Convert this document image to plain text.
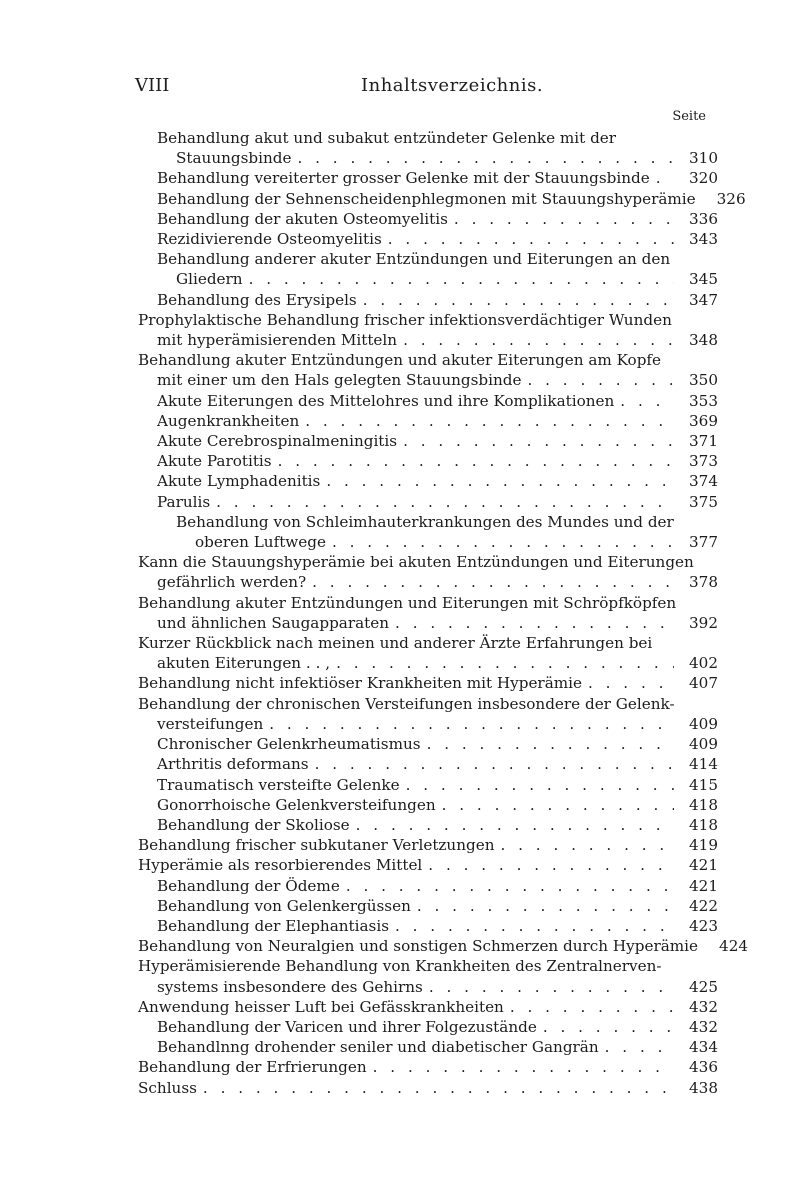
VIII	Inhaltsverzeichnis.
Seite
Behandlung akut und subakut entzündeter Gelenke mit der
Stauungsbinde . . .	310
Behandlung vereiterter grosser Gelenke mit der Stauungsbinde . . .	320
Behandlung der Sehnenscheidenphlegmonen mit Stauungshyperämie . . .	326
Behandlung der akuten Osteomyelitis . . .	336
Rezidivierende Osteomyelitis . . .	343
Behandlung anderer akuter Entzündungen und Eiterungen an den
Gliedern . . .	345
Behandlung des Erysipels . . .	347
Prophylaktische Behandlung frischer infektionsverdächtiger Wunden
mit hyperämisierenden Mitteln . . .	348
Behandlung akuter Entzündungen und akuter Eiterungen am Kopfe
mit einer um den Hals gelegten Stauungsbinde . . .	350
Akute Eiterungen des Mittelohres und ihre Komplikationen . . .	353
Augenkrankheiten . . .	369
Akute Cerebrospinalmeningitis . . .	371
Akute Parotitis . . .	373
Akute Lymphadenitis . . .	374
Parulis . . .	375
Behandlung von Schleimhauterkrankungen des Mundes und der
oberen Luftwege . . .	377
Kann die Stauungshyperämie bei akuten Entzündungen und Eiterungen
gefährlich werden? . . .	378
Behandlung akuter Entzündungen und Eiterungen mit Schröpfköpfen
und ähnlichen Saugapparaten . . .	392
Kurzer Rückblick nach meinen und anderer Ärzte Erfahrungen bei
akuten Eiterungen . . , . . .	402
Behandlung nicht infektiöser Krankheiten mit Hyperämie . . .	407
Behandlung der chronischen Versteifungen insbesondere der Gelenk-
versteifungen . . .	409
Chronischer Gelenkrheumatismus . . .	409
Arthritis deformans . . .	414
Traumatisch versteifte Gelenke . . .	415
Gonorrhoische Gelenkversteifungen . . .	418
Behandlung der Skoliose . . .	418
Behandlung frischer subkutaner Verletzungen . . .	419
Hyperämie als resorbierendes Mittel . . .	421
Behandlung der Ödeme . . .	421
Behandlung von Gelenkergüssen . . .	422
Behandlung der Elephantiasis . . .	423
Behandlung von Neuralgien und sonstigen Schmerzen durch Hyperämie	424
Hyperämisierende Behandlung von Krankheiten des Zentralnerven-
systems insbesondere des Gehirns . . .	425
Anwendung heisser Luft bei Gefässkrankheiten . . .	432
Behandlung der Varicen und ihrer Folgezustände . . .	432
Behandlnng drohender seniler und diabetischer Gangrän . . .	434
Behandlung der Erfrierungen . . .	436
Schluss . . .	438
